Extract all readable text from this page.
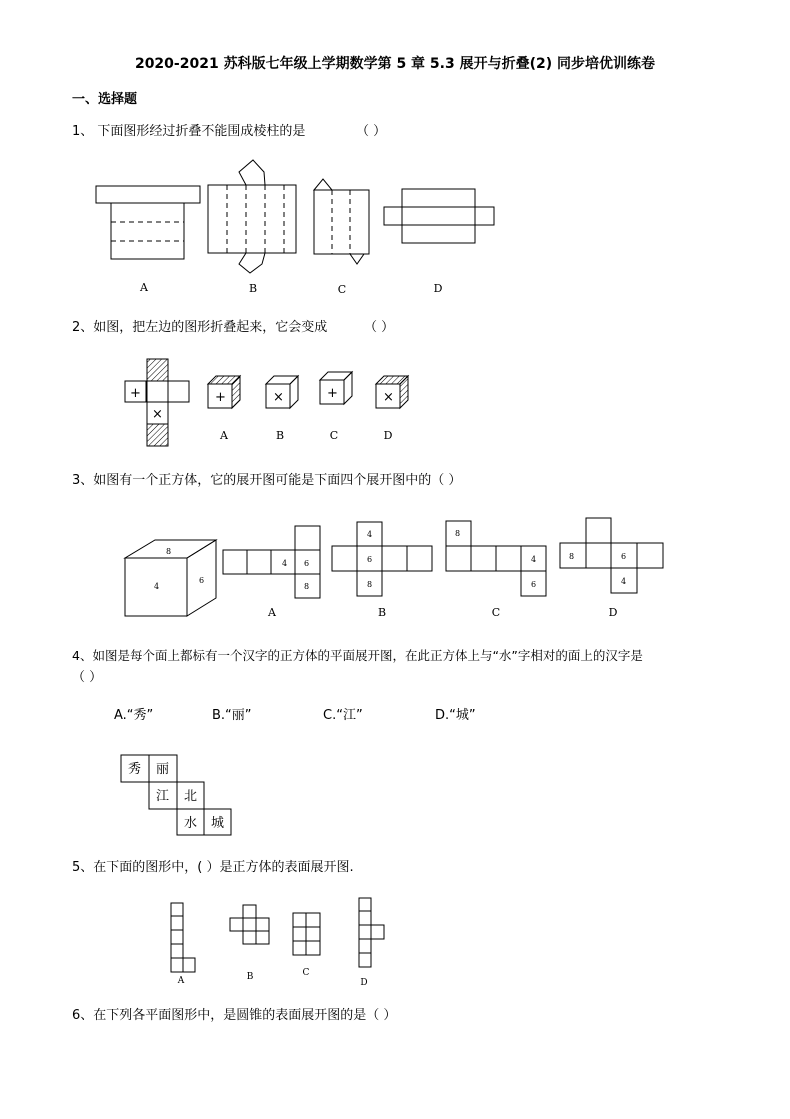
2020-2021 苏科版七年级上学期数学第 5 章 5.3 展开与折叠(2) 同步培优训练卷
一、选择题
1、 下面图形经过折叠不能围成棱柱的是	（ ）
+
×
+	×	+	×
8
4
6
4 6
8
4
6
8
8
4
6
8	6
4
秀 丽
江 北
水 城
A	B	C	D
2、如图，把左边的图形折叠起来，它会变成	（ ）
A	B	C	D
3、如图有一个正方体，它的展开图可能是下面四个展开图中的（ ）
A	B	C	D
4、如图是每个面上都标有一个汉字的正方体的平面展开图，在此正方体上与“水”字相对的面上的汉字是
（ ）
A.“秀”	B.“丽”	C.“江”	D.“城”
5、在下面的图形中，( ）是正方体的表面展开图.
A	B	C
D
6、在下列各平面图形中，是圆锥的表面展开图的是（ ）
